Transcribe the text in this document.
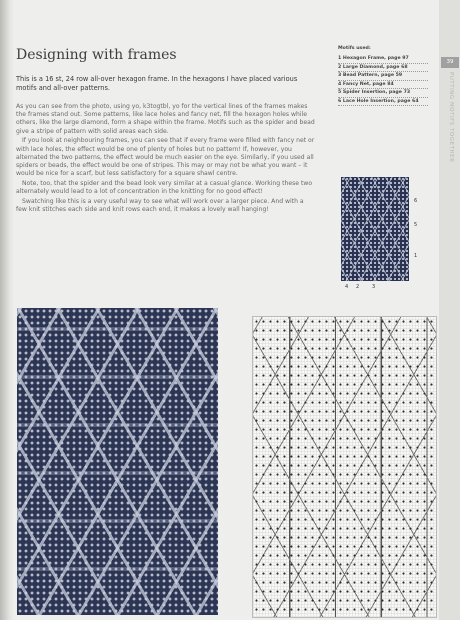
Designing with frames

This is a 16 st, 24 row all-over hexagon frame. In the hexagons I have placed various motifs and all-over patterns.

As you can see from the photo, using yo, k3togtbl, yo for the vertical lines of the frames makes the frames stand out. Some patterns, like lace holes and fancy net, fill the hexagon holes while others, like the large diamond, form a shape within the frame. Motifs such as the spider and bead give a stripe of pattern with solid areas each side.

If you look at neighbouring frames, you can see that if every frame were filled with fancy net or with lace holes, the effect would be one of plenty of holes but no pattern! If, however, you alternated the two patterns, the effect would be much easier on the eye. Similarly, if you used all spiders or beads, the effect would be one of stripes. This may or may not be what you want – it would be nice for a scarf, but less satisfactory for a square shawl centre.

Note, too, that the spider and the bead look very similar at a casual glance. Working these two alternately would lead to a lot of concentration in the knitting for no good effect!

Swatching like this is a very useful way to see what will work over a larger piece. And with a few knit stitches each side and knit rows each end, it makes a lovely wall hanging!

Motifs used:
1 Hexagon Frame, page 97
2 Large Diamond, page 68
3 Bead Pattern, page 59
4 Fancy Net, page 84
5 Spider Insertion, page 73
6 Lace Hole Insertion, page 64
39
PUTTING MOTIFS TOGETHER
6
5
1
4 2	3
